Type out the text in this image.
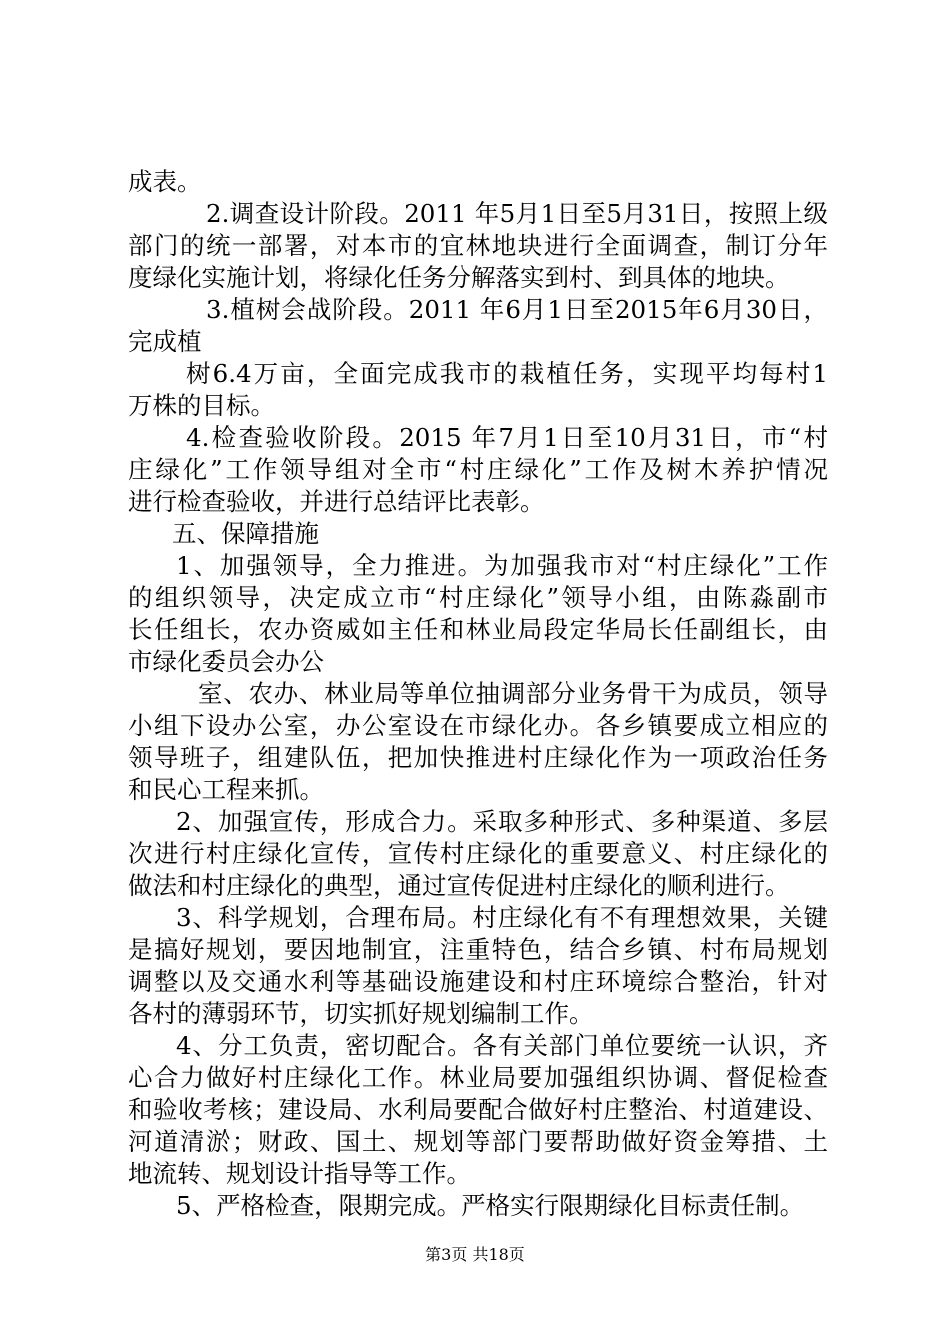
成表。
2.调查设计阶段。2011 年5月1日至5月31日，按照上级
部门的统一部署，对本市的宜林地块进行全面调查，制订分年
度绿化实施计划，将绿化任务分解落实到村、到具体的地块。
3.植树会战阶段。2011 年6月1日至2015年6月30日，
完成植
树6.4万亩，全面完成我市的栽植任务，实现平均每村1
万株的目标。
4.检查验收阶段。2015 年7月1日至10月31日，市“村
庄绿化”工作领导组对全市“村庄绿化”工作及树木养护情况
进行检查验收，并进行总结评比表彰。
五、保障措施
1、加强领导，全力推进。为加强我市对“村庄绿化”工作
的组织领导，决定成立市“村庄绿化”领导小组，由陈淼副市
长任组长，农办资威如主任和林业局段定华局长任副组长，由
市绿化委员会办公
室、农办、林业局等单位抽调部分业务骨干为成员，领导
小组下设办公室，办公室设在市绿化办。各乡镇要成立相应的
领导班子，组建队伍，把加快推进村庄绿化作为一项政治任务
和民心工程来抓。
2、加强宣传，形成合力。采取多种形式、多种渠道、多层
次进行村庄绿化宣传，宣传村庄绿化的重要意义、村庄绿化的
做法和村庄绿化的典型，通过宣传促进村庄绿化的顺利进行。
3、科学规划，合理布局。村庄绿化有不有理想效果，关键
是搞好规划，要因地制宜，注重特色，结合乡镇、村布局规划
调整以及交通水利等基础设施建设和村庄环境综合整治，针对
各村的薄弱环节，切实抓好规划编制工作。
4、分工负责，密切配合。各有关部门单位要统一认识，齐
心合力做好村庄绿化工作。林业局要加强组织协调、督促检查
和验收考核；建设局、水利局要配合做好村庄整治、村道建设、
河道清淤；财政、国土、规划等部门要帮助做好资金筹措、土
地流转、规划设计指导等工作。
5、严格检查，限期完成。严格实行限期绿化目标责任制。
第3页 共18页
